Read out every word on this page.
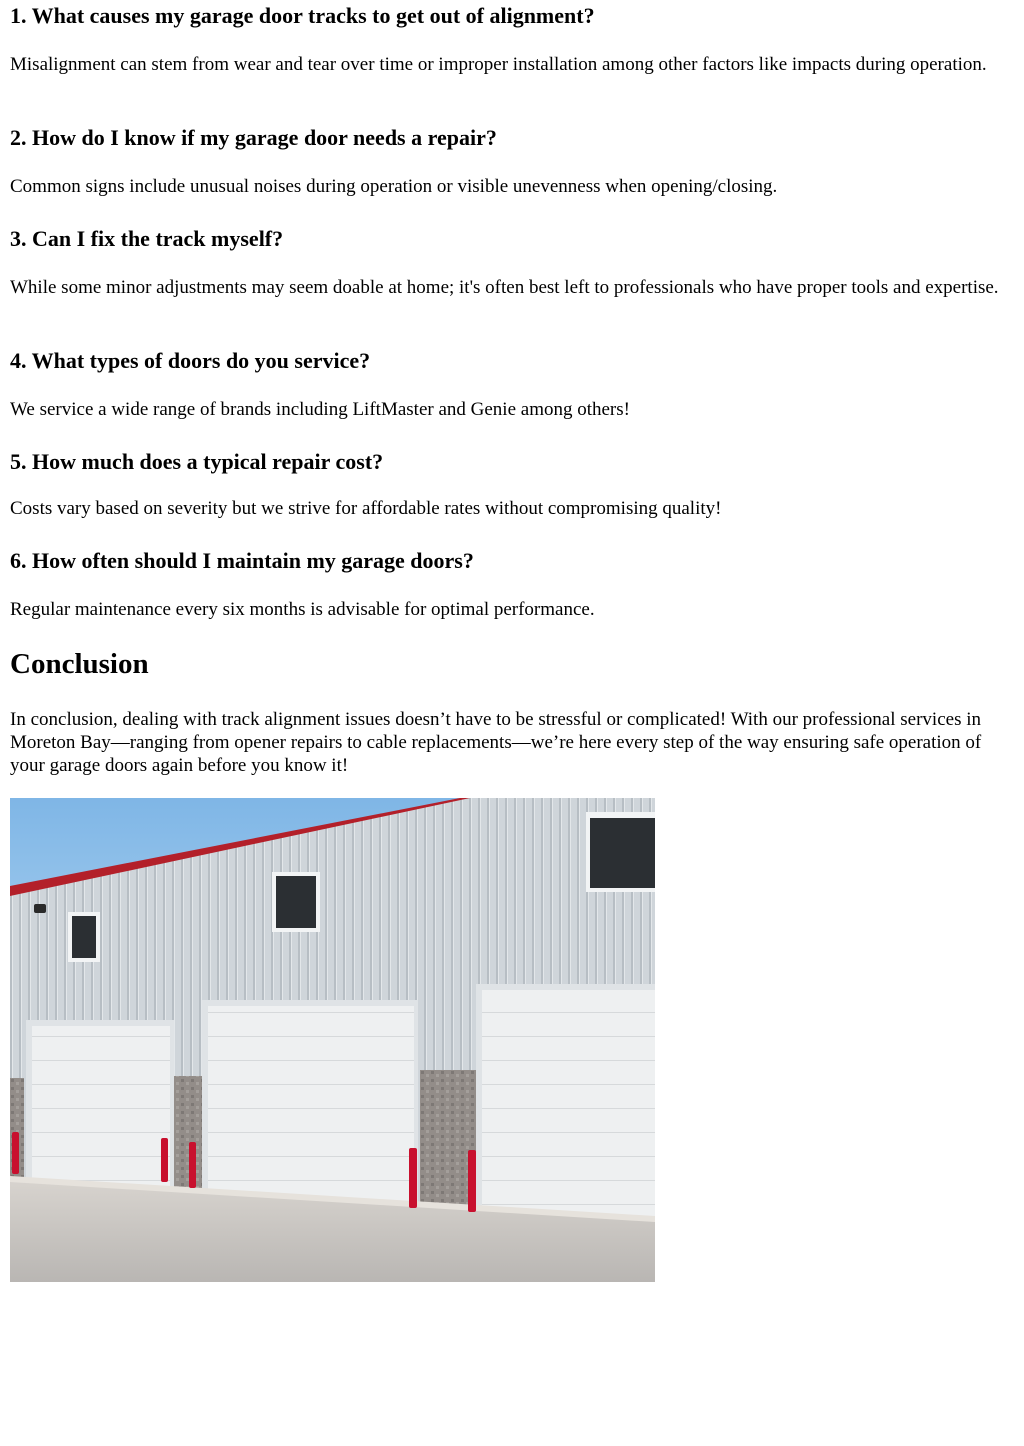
1. What causes my garage door tracks to get out of alignment?

Misalignment can stem from wear and tear over time or improper installation among other factors like impacts during operation.

2. How do I know if my garage door needs a repair?

Common signs include unusual noises during operation or visible unevenness when opening/closing.

3. Can I fix the track myself?

While some minor adjustments may seem doable at home; it's often best left to professionals who have proper tools and expertise.

4. What types of doors do you service?

We service a wide range of brands including LiftMaster and Genie among others!

5. How much does a typical repair cost?

Costs vary based on severity but we strive for affordable rates without compromising quality!

6. How often should I maintain my garage doors?

Regular maintenance every six months is advisable for optimal performance.

Conclusion

In conclusion, dealing with track alignment issues doesn’t have to be stressful or complicated! With our professional services in Moreton Bay—ranging from opener repairs to cable replacements—we’re here every step of the way ensuring safe operation of your garage doors again before you know it!
